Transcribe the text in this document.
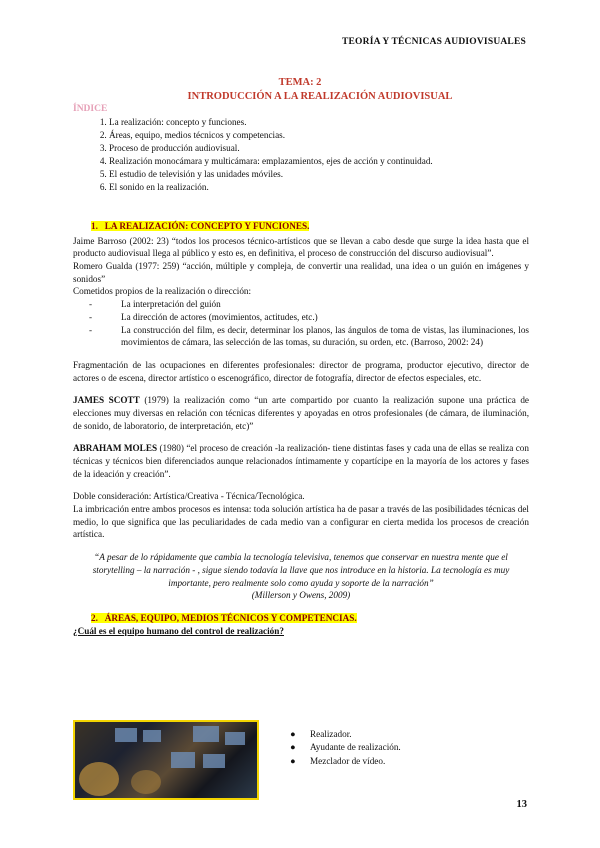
TEORÍA Y TÉCNICAS AUDIOVISUALES
TEMA: 2
INTRODUCCIÓN A LA REALIZACIÓN AUDIOVISUAL
ÍNDICE
1. La realización: concepto y funciones.
2. Áreas, equipo, medios técnicos y competencias.
3. Proceso de producción audiovisual.
4. Realización monocámara y multicámara: emplazamientos, ejes de acción y continuidad.
5. El estudio de televisión y las unidades móviles.
6. El sonido en la realización.
1. LA REALIZACIÓN: CONCEPTO Y FUNCIONES.

Jaime Barroso (2002: 23) “todos los procesos técnico-artísticos que se llevan a cabo desde que surge la idea hasta que el producto audiovisual llega al público y esto es, en definitiva, el proceso de construcción del discurso audiovisual”.

Romero Gualda (1977: 259) “acción, múltiple y compleja, de convertir una realidad, una idea o un guión en imágenes y sonidos”

Cometidos propios de la realización o dirección:

-	La interpretación del guión
-	La dirección de actores (movimientos, actitudes, etc.)
-	La construcción del film, es decir, determinar los planos, las ángulos de toma de vistas, las iluminaciones, los movimientos de cámara, las selección de las tomas, su duración, su orden, etc. (Barroso, 2002: 24)

Fragmentación de las ocupaciones en diferentes profesionales: director de programa, productor ejecutivo, director de actores o de escena, director artístico o escenográfico, director de fotografía, director de efectos especiales, etc.

JAMES SCOTT (1979) la realización como “un arte compartido por cuanto la realización supone una práctica de elecciones muy diversas en relación con técnicas diferentes y apoyadas en otros profesionales (de cámara, de iluminación, de sonido, de laboratorio, de interpretación, etc)”

ABRAHAM MOLES (1980) “el proceso de creación -la realización- tiene distintas fases y cada una de ellas se realiza con técnicas y técnicos bien diferenciados aunque relacionados íntimamente y copartícipe en la mayoría de los actores y fases de la ideación y creación”.

Doble consideración: Artística/Creativa - Técnica/Tecnológica.

La imbricación entre ambos procesos es intensa: toda solución artística ha de pasar a través de las posibilidades técnicas del medio, lo que significa que las peculiaridades de cada medio van a configurar en cierta medida los procesos de creación artística.

“A pesar de lo rápidamente que cambia la tecnología televisiva, tenemos que conservar en nuestra mente que el storytelling – la narración - , sigue siendo todavía la llave que nos introduce en la historia. La tecnología es muy importante, pero realmente solo como ayuda y soporte de la narración”

(Millerson y Owens, 2009)

2. ÁREAS, EQUIPO, MEDIOS TÉCNICOS Y COMPETENCIAS.

¿Cuál es el equipo humano del control de realización?

● Realizador.
● Ayudante de realización.
● Mezclador de vídeo.
13
